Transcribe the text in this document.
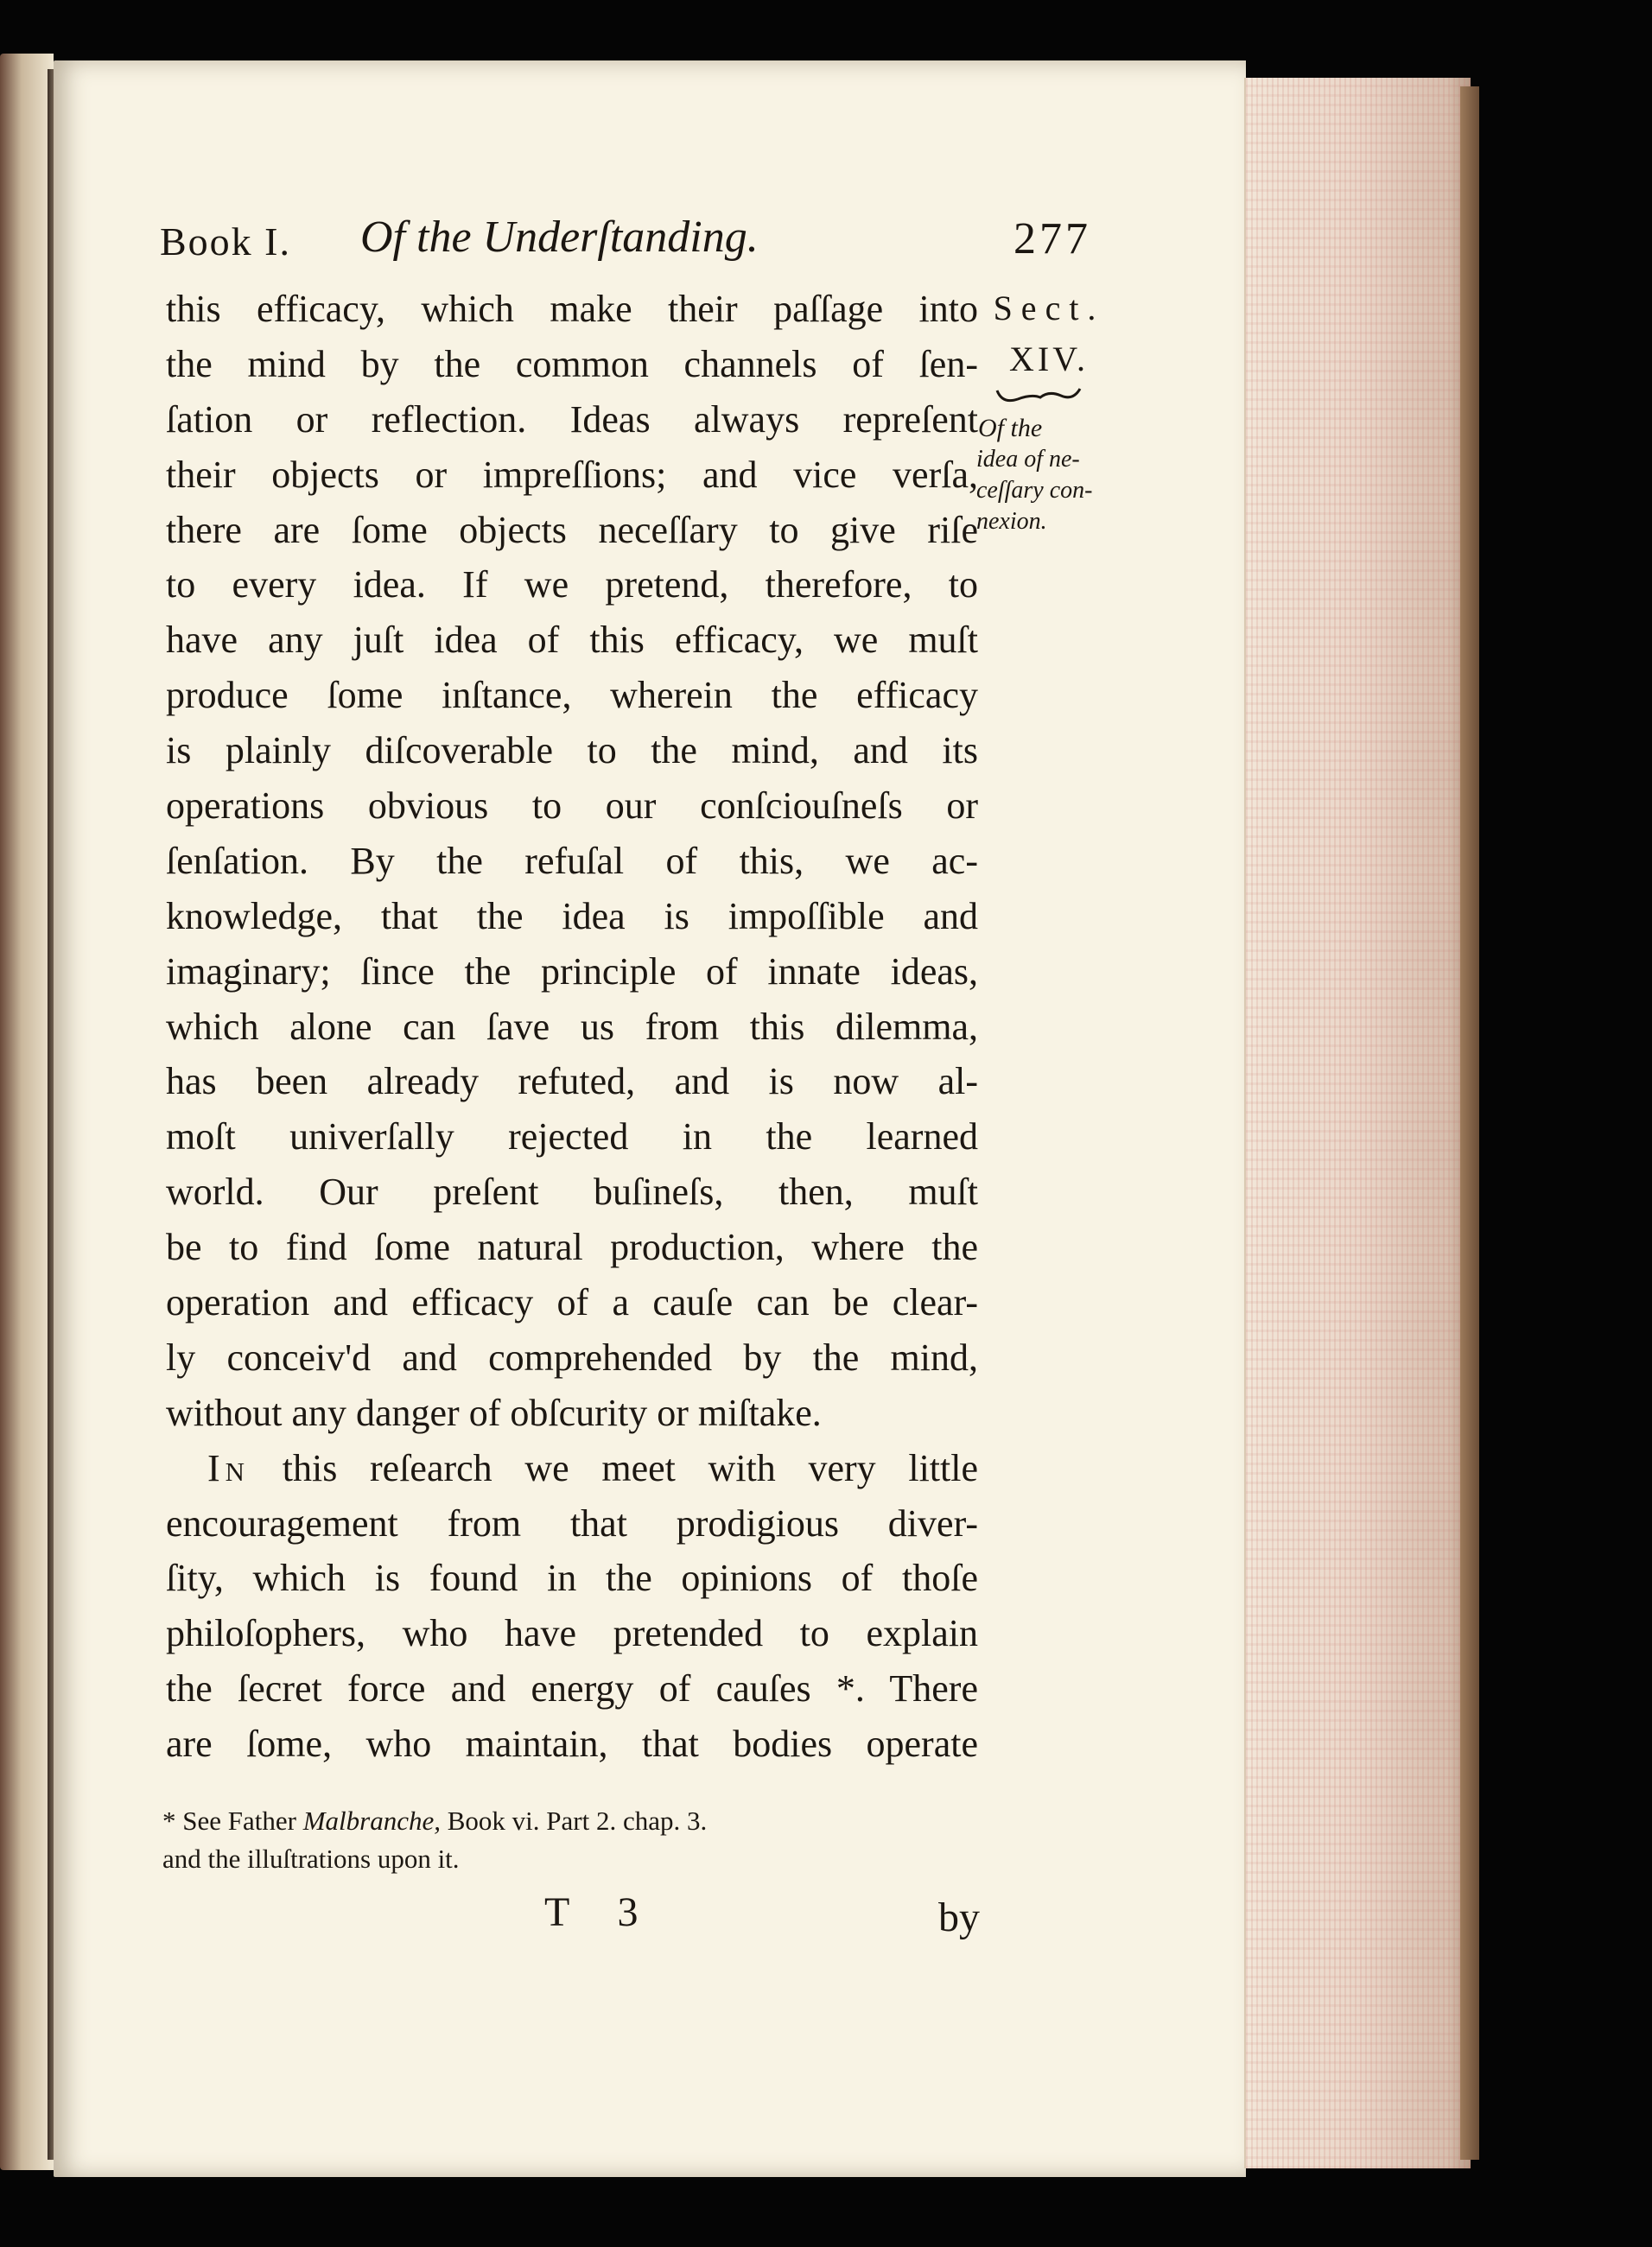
Book I. Of the Underſtanding.	277
this efficacy, which make their paſſage into
the mind by the common channels of ſen-
ſation or reflection. Ideas always repreſent
their objects or impreſſions; and vice verſa,
there are ſome objects neceſſary to give riſe
to every idea. If we pretend, therefore, to
have any juſt idea of this efficacy, we muſt
produce ſome inſtance, wherein the efficacy
is plainly diſcoverable to the mind, and its
operations obvious to our conſciouſneſs or
ſenſation. By the refuſal of this, we ac-
knowledge, that the idea is impoſſible and
imaginary; ſince the principle of innate ideas,
which alone can ſave us from this dilemma,
has been already refuted, and is now al-
moſt univerſally rejected in the learned
world. Our preſent buſineſs, then, muſt
be to find ſome natural production, where the
operation and efficacy of a cauſe can be clear-
ly conceiv'd and comprehended by the mind,
without any danger of obſcurity or miſtake.
In this reſearch we meet with very little
encouragement from that prodigious diver-
ſity, which is found in the opinions of thoſe
philoſophers, who have pretended to explain
the ſecret force and energy of cauſes *. There
are ſome, who maintain, that bodies operate
Sect.
XIV.
Of the
idea of ne-
ceſſary con-
nexion.
* See Father Malbranche, Book vi. Part 2. chap. 3.
and the illuſtrations upon it.
T 3	by
